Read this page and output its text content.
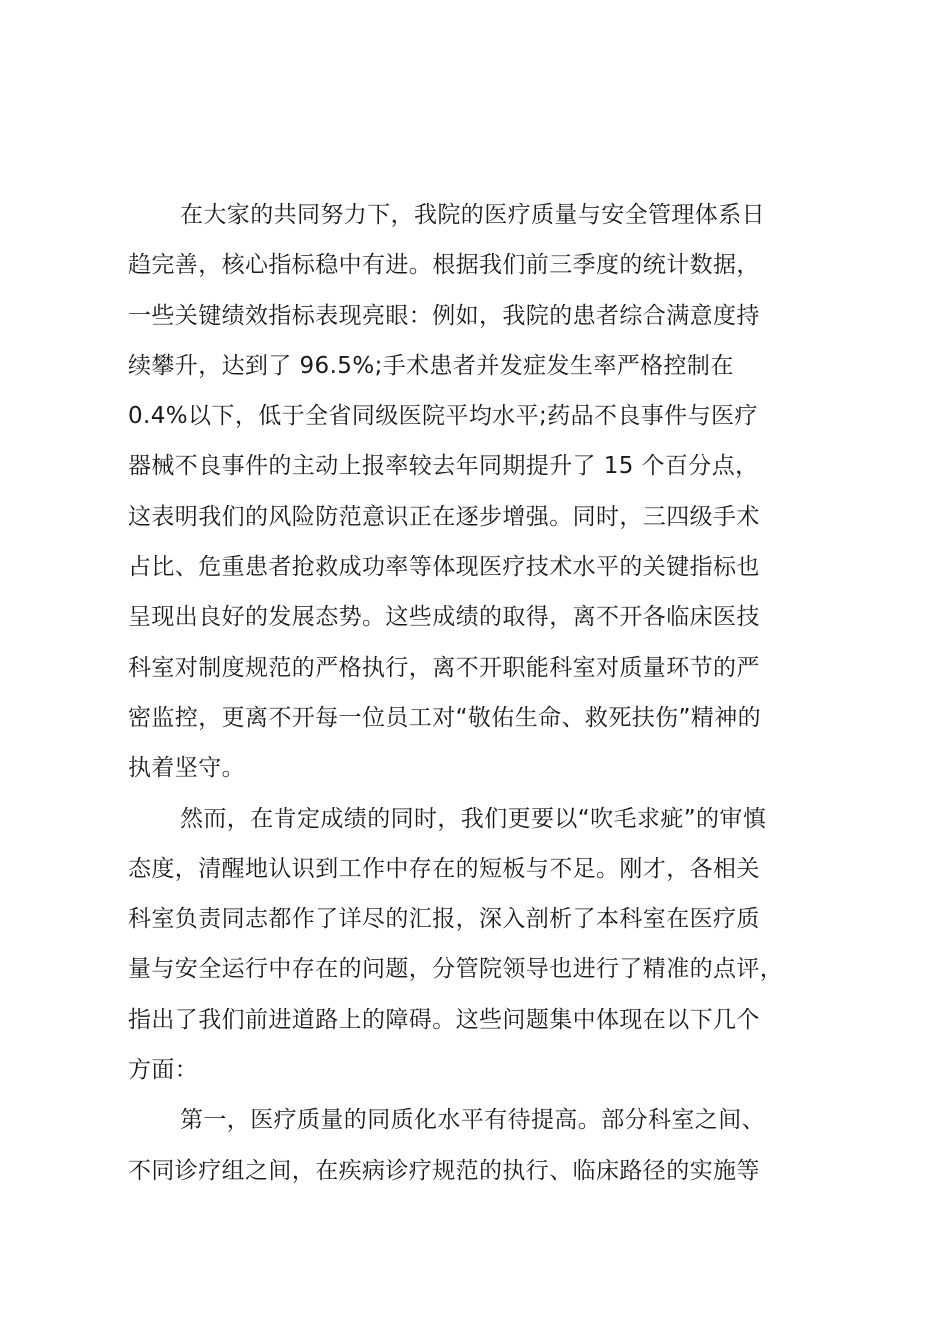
在大家的共同努力下，我院的医疗质量与安全管理体系日
趋完善，核心指标稳中有进。根据我们前三季度的统计数据，
一些关键绩效指标表现亮眼：例如，我院的患者综合满意度持
续攀升，达到了 96.5%;手术患者并发症发生率严格控制在
0.4%以下，低于全省同级医院平均水平;药品不良事件与医疗
器械不良事件的主动上报率较去年同期提升了 15 个百分点，
这表明我们的风险防范意识正在逐步增强。同时，三四级手术
占比、危重患者抢救成功率等体现医疗技术水平的关键指标也
呈现出良好的发展态势。这些成绩的取得，离不开各临床医技
科室对制度规范的严格执行，离不开职能科室对质量环节的严
密监控，更离不开每一位员工对“敬佑生命、救死扶伤”精神的
执着坚守。
然而，在肯定成绩的同时，我们更要以“吹毛求疵”的审慎
态度，清醒地认识到工作中存在的短板与不足。刚才，各相关
科室负责同志都作了详尽的汇报，深入剖析了本科室在医疗质
量与安全运行中存在的问题，分管院领导也进行了精准的点评，
指出了我们前进道路上的障碍。这些问题集中体现在以下几个
方面：
第一，医疗质量的同质化水平有待提高。部分科室之间、
不同诊疗组之间，在疾病诊疗规范的执行、临床路径的实施等
